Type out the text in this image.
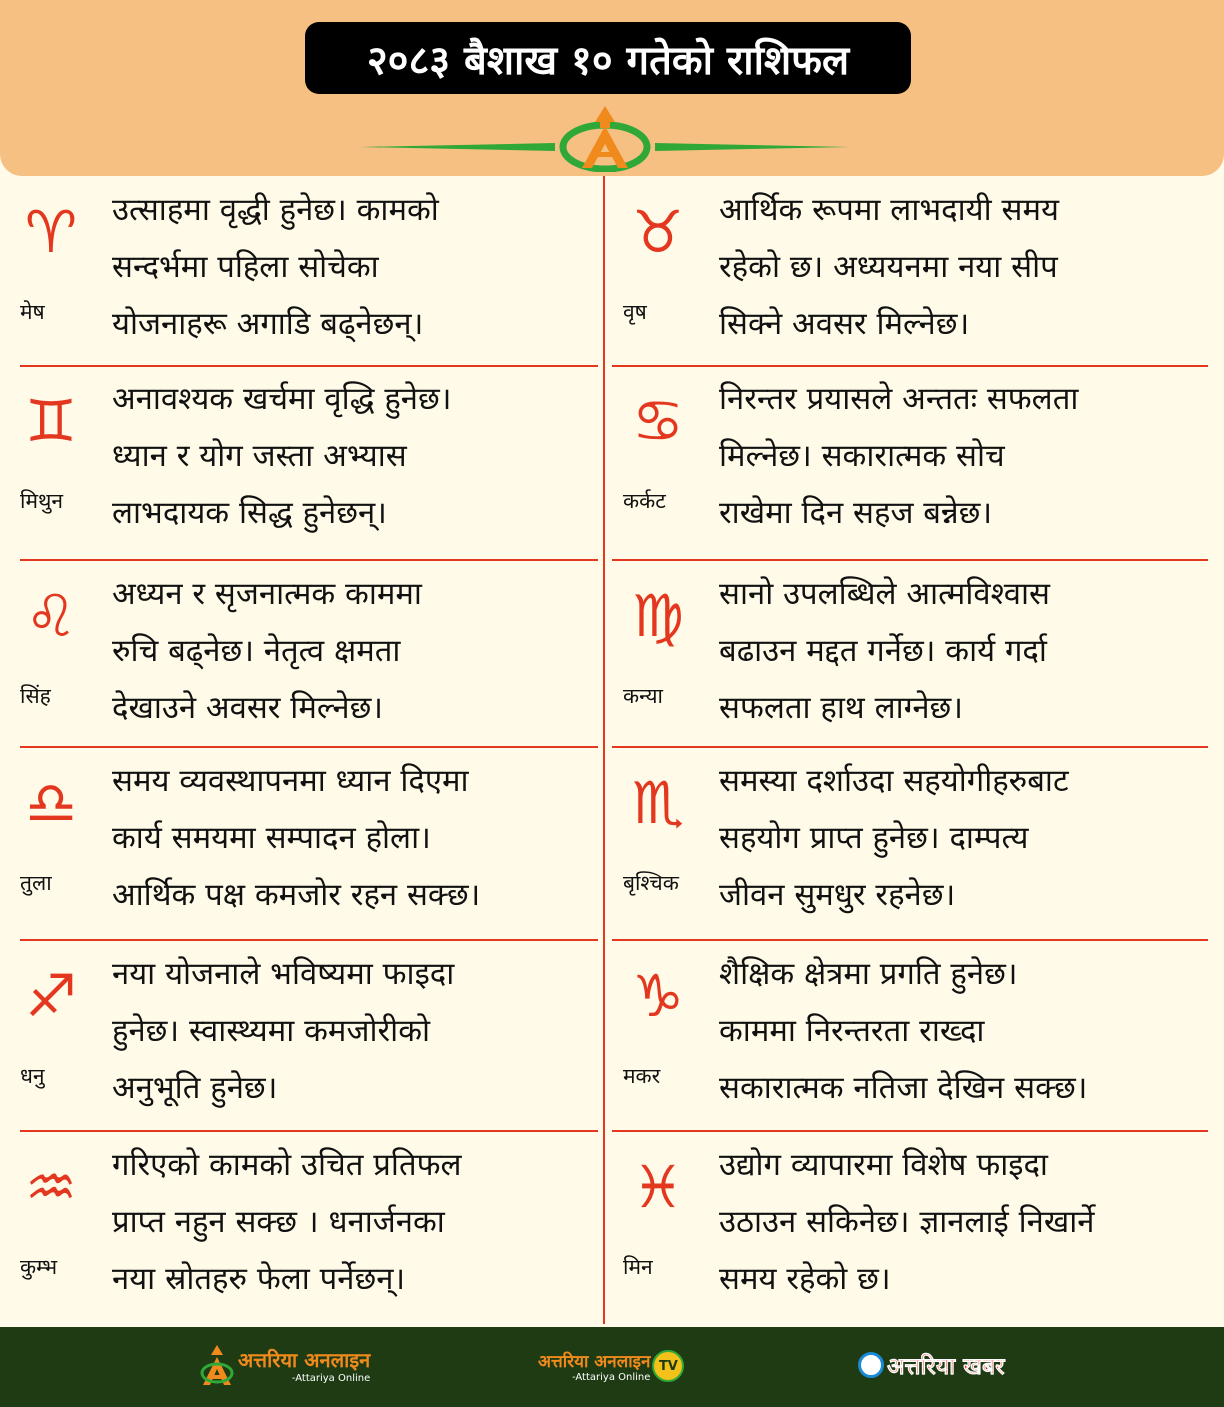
२०८३ बैशाख १० गतेको राशिफल
♈
मेष
उत्साहमा वृद्धी हुनेछ। कामको
सन्दर्भमा पहिला सोचेका
योजनाहरू अगाडि बढ्नेछन्।
♉
वृष
आर्थिक रूपमा लाभदायी समय
रहेको छ। अध्ययनमा नया सीप
सिक्ने अवसर मिल्नेछ।
♊
मिथुन
अनावश्यक खर्चमा वृद्धि हुनेछ।
ध्यान र योग जस्ता अभ्यास
लाभदायक सिद्ध हुनेछन्।
♋
कर्कट
निरन्तर प्रयासले अन्ततः सफलता
मिल्नेछ। सकारात्मक सोच
राखेमा दिन सहज बन्नेछ।
♌
सिंह
अध्यन र सृजनात्मक काममा
रुचि बढ्नेछ। नेतृत्व क्षमता
देखाउने अवसर मिल्नेछ।
♍
कन्या
सानो उपलब्धिले आत्मविश्वास
बढाउन मद्दत गर्नेछ। कार्य गर्दा
सफलता हाथ लाग्नेछ।
♎
तुला
समय व्यवस्थापनमा ध्यान दिएमा
कार्य समयमा सम्पादन होला।
आर्थिक पक्ष कमजोर रहन सक्छ।
♏
बृश्चिक
समस्या दर्शाउदा सहयोगीहरुबाट
सहयोग प्राप्त हुनेछ। दाम्पत्य
जीवन सुमधुर रहनेछ।
♐
धनु
नया योजनाले भविष्यमा फाइदा
हुनेछ। स्वास्थ्यमा कमजोरीको
अनुभूति हुनेछ।
♑
मकर
शैक्षिक क्षेत्रमा प्रगति हुनेछ।
काममा निरन्तरता राख्दा
सकारात्मक नतिजा देखिन सक्छ।
♒
कुम्भ
गरिएको कामको उचित प्रतिफल
प्राप्त नहुन सक्छ । धनार्जनका
नया स्रोतहरु फेला पर्नेछन्।
♓
मिन
उद्योग व्यापारमा विशेष फाइदा
उठाउन सकिनेछ। ज्ञानलाई निखार्ने
समय रहेको छ।
अत्तरिया अनलाइन
-Attariya Online
अत्तरिया अनलाइन
-Attariya Online
TV	अत्तरिया खबर
